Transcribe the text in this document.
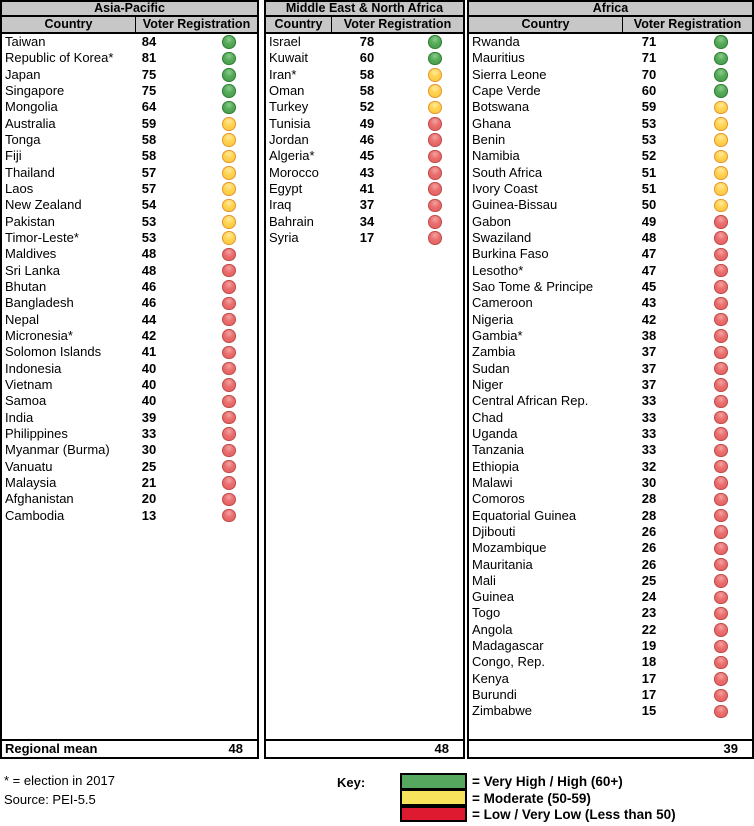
Asia-Pacific
Country	Voter Registration
Taiwan	84
Republic of Korea*	81
Japan	75
Singapore	75
Mongolia	64
Australia	59
Tonga	58
Fiji	58
Thailand	57
Laos	57
New Zealand	54
Pakistan	53
Timor-Leste*	53
Maldives	48
Sri Lanka	48
Bhutan	46
Bangladesh	46
Nepal	44
Micronesia*	42
Solomon Islands	41
Indonesia	40
Vietnam	40
Samoa	40
India	39
Philippines	33
Myanmar (Burma)	30
Vanuatu	25
Malaysia	21
Afghanistan	20
Cambodia	13
Regional mean	48
Middle East & North Africa
Country	Voter Registration
Israel	78
Kuwait	60
Iran*	58
Oman	58
Turkey	52
Tunisia	49
Jordan	46
Algeria*	45
Morocco	43
Egypt	41
Iraq	37
Bahrain	34
Syria	17
48
Africa
Country	Voter Registration
Rwanda	71
Mauritius	71
Sierra Leone	70
Cape Verde	60
Botswana	59
Ghana	53
Benin	53
Namibia	52
South Africa	51
Ivory Coast	51
Guinea-Bissau	50
Gabon	49
Swaziland	48
Burkina Faso	47
Lesotho*	47
Sao Tome & Principe	45
Cameroon	43
Nigeria	42
Gambia*	38
Zambia	37
Sudan	37
Niger	37
Central African Rep.	33
Chad	33
Uganda	33
Tanzania	33
Ethiopia	32
Malawi	30
Comoros	28
Equatorial Guinea	28
Djibouti	26
Mozambique	26
Mauritania	26
Mali	25
Guinea	24
Togo	23
Angola	22
Madagascar	19
Congo, Rep.	18
Kenya	17
Burundi	17
Zimbabwe	15
39
* = election in 2017
Source: PEI-5.5
Key:	= Very High / High (60+)
= Moderate (50-59)
= Low / Very Low (Less than 50)
